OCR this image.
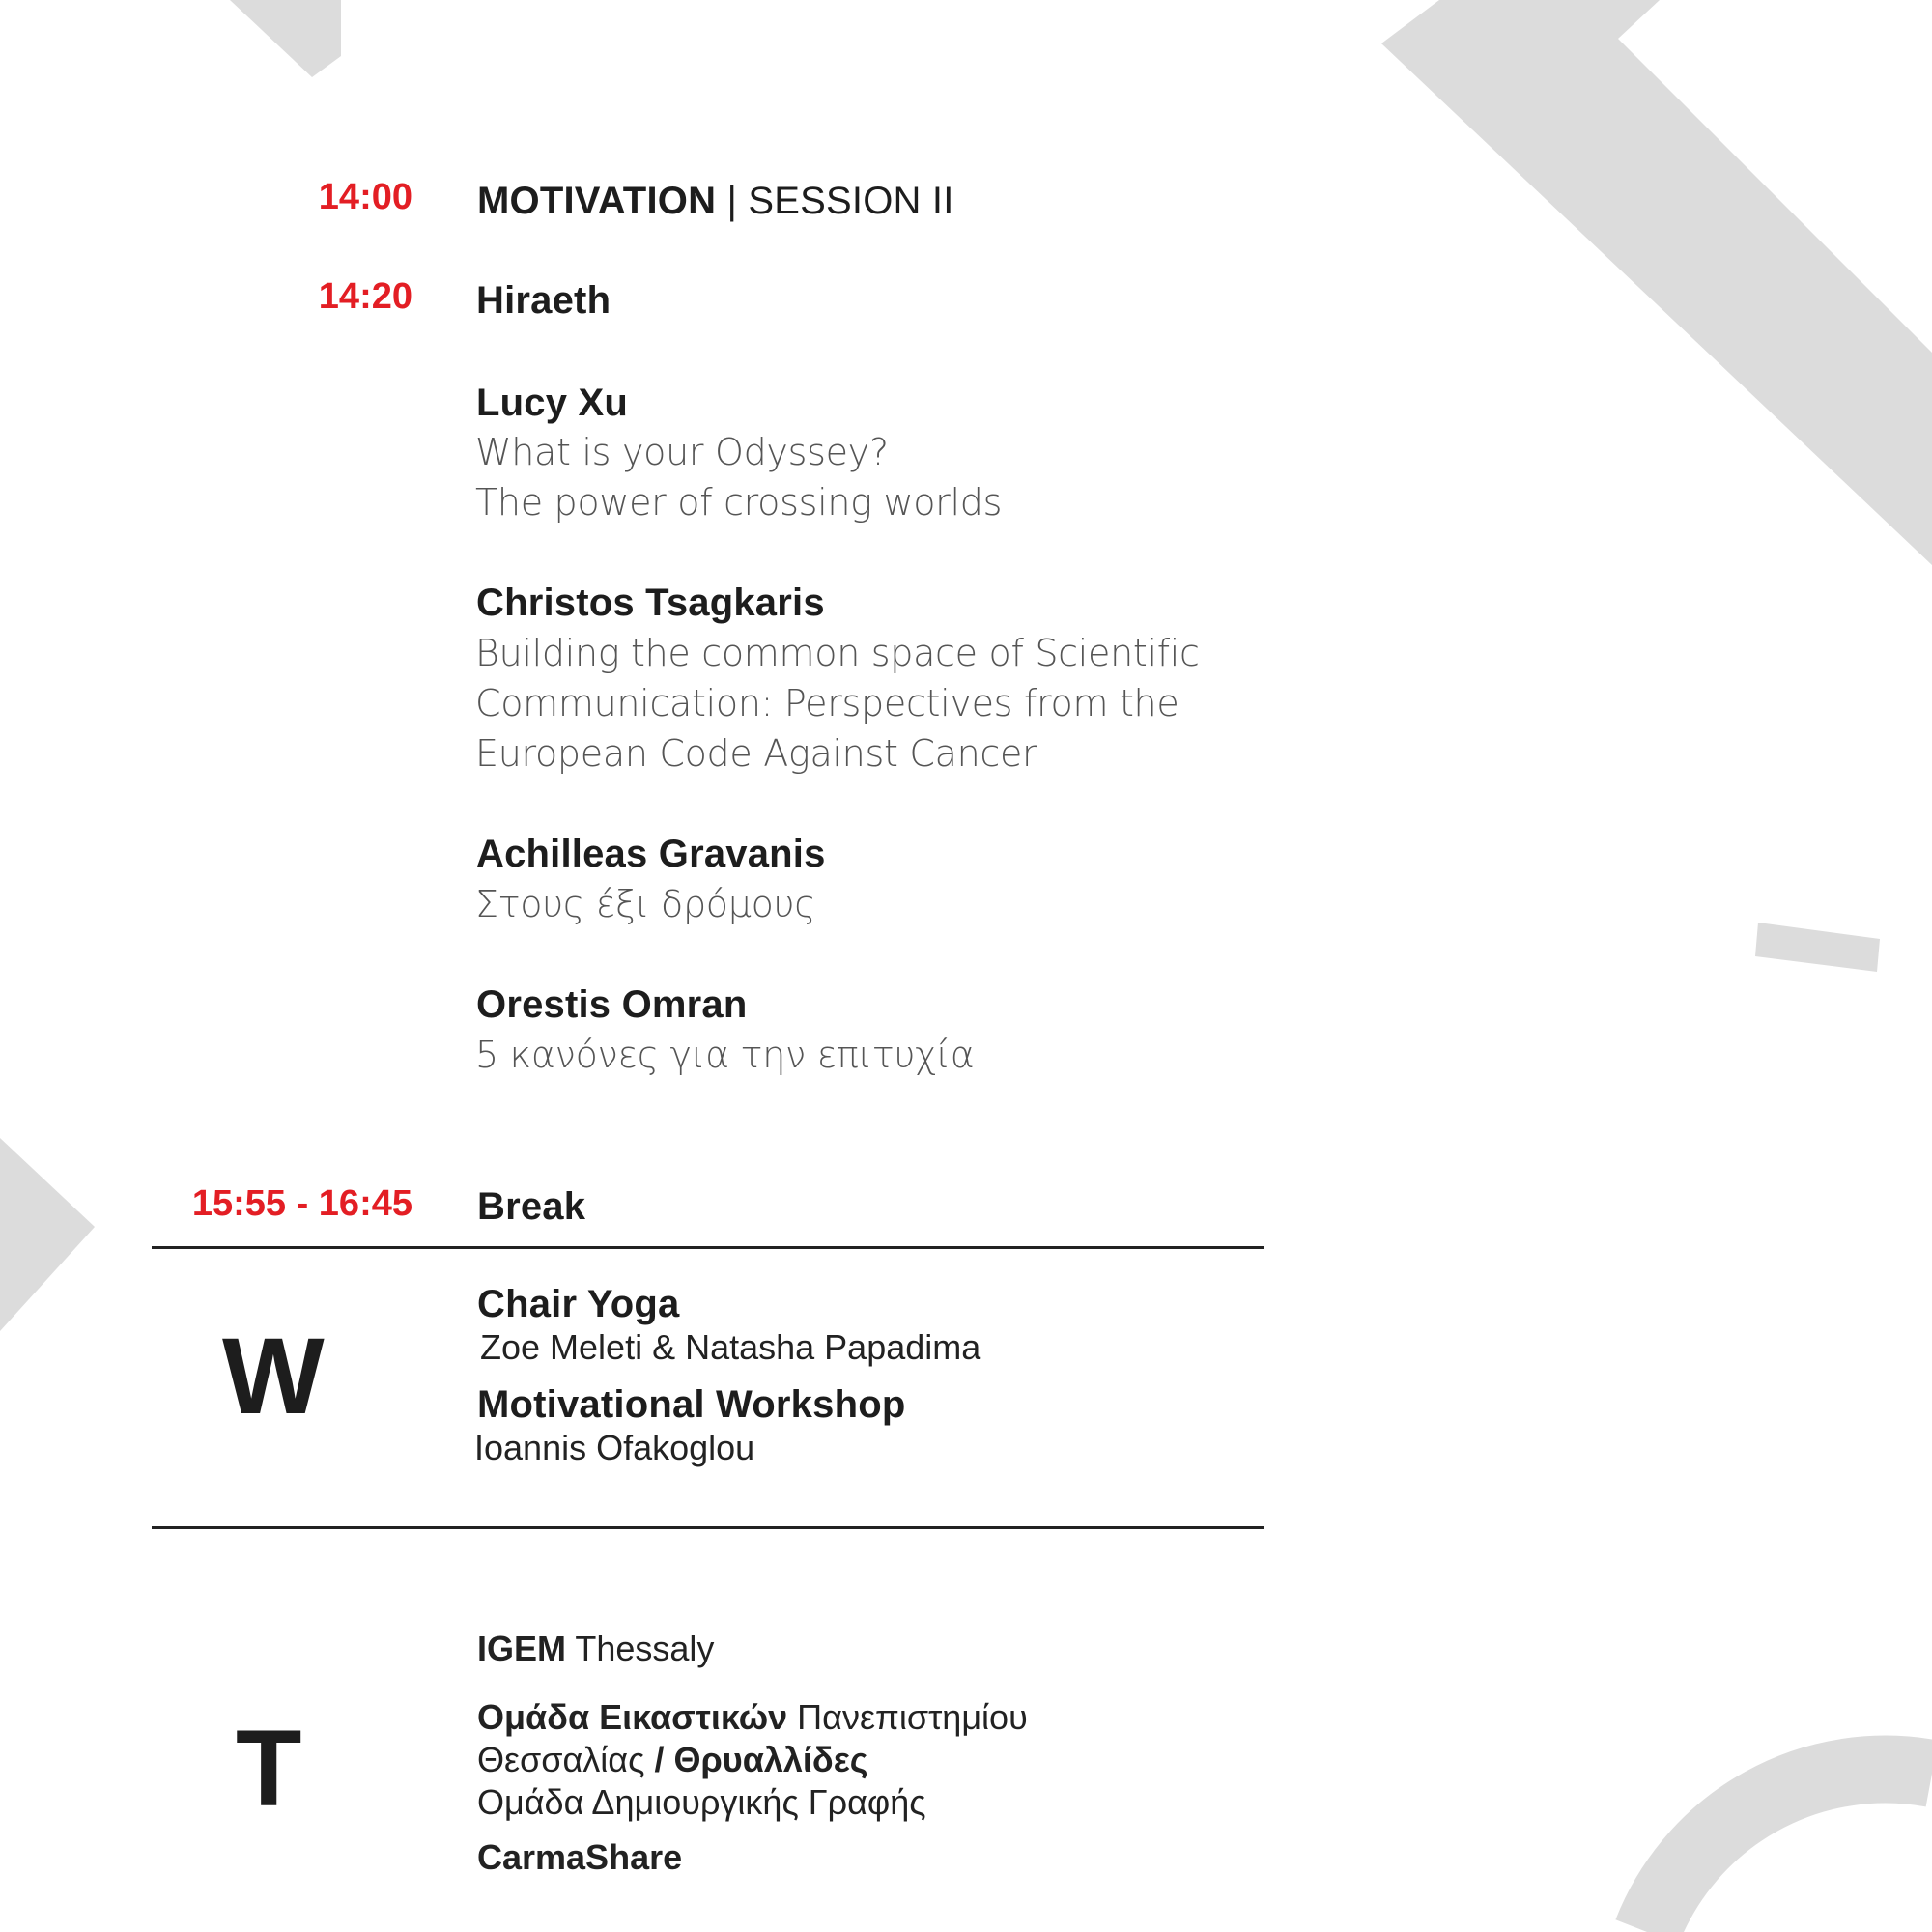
14:00 MOTIVATION | SESSION II
14:20 Hiraeth
Lucy Xu
What is your Odyssey?
The power of crossing worlds
Christos Tsagkaris
Building the common space of Scientific
Communication: Perspectives from the
European Code Against Cancer
Achilleas Gravanis
Στους έξι δρόμους
Orestis Omran
5 κανόνες για την επιτυχία
15:55 - 16:45 Break
W
Chair Yoga
Zoe Meleti & Natasha Papadima
Motivational Workshop
Ioannis Ofakoglou
T
IGEM Thessaly
Ομάδα Εικαστικών Πανεπιστημίου
Θεσσαλίας / Θρυαλλίδες
Ομάδα Δημιουργικής Γραφής
CarmaShare
